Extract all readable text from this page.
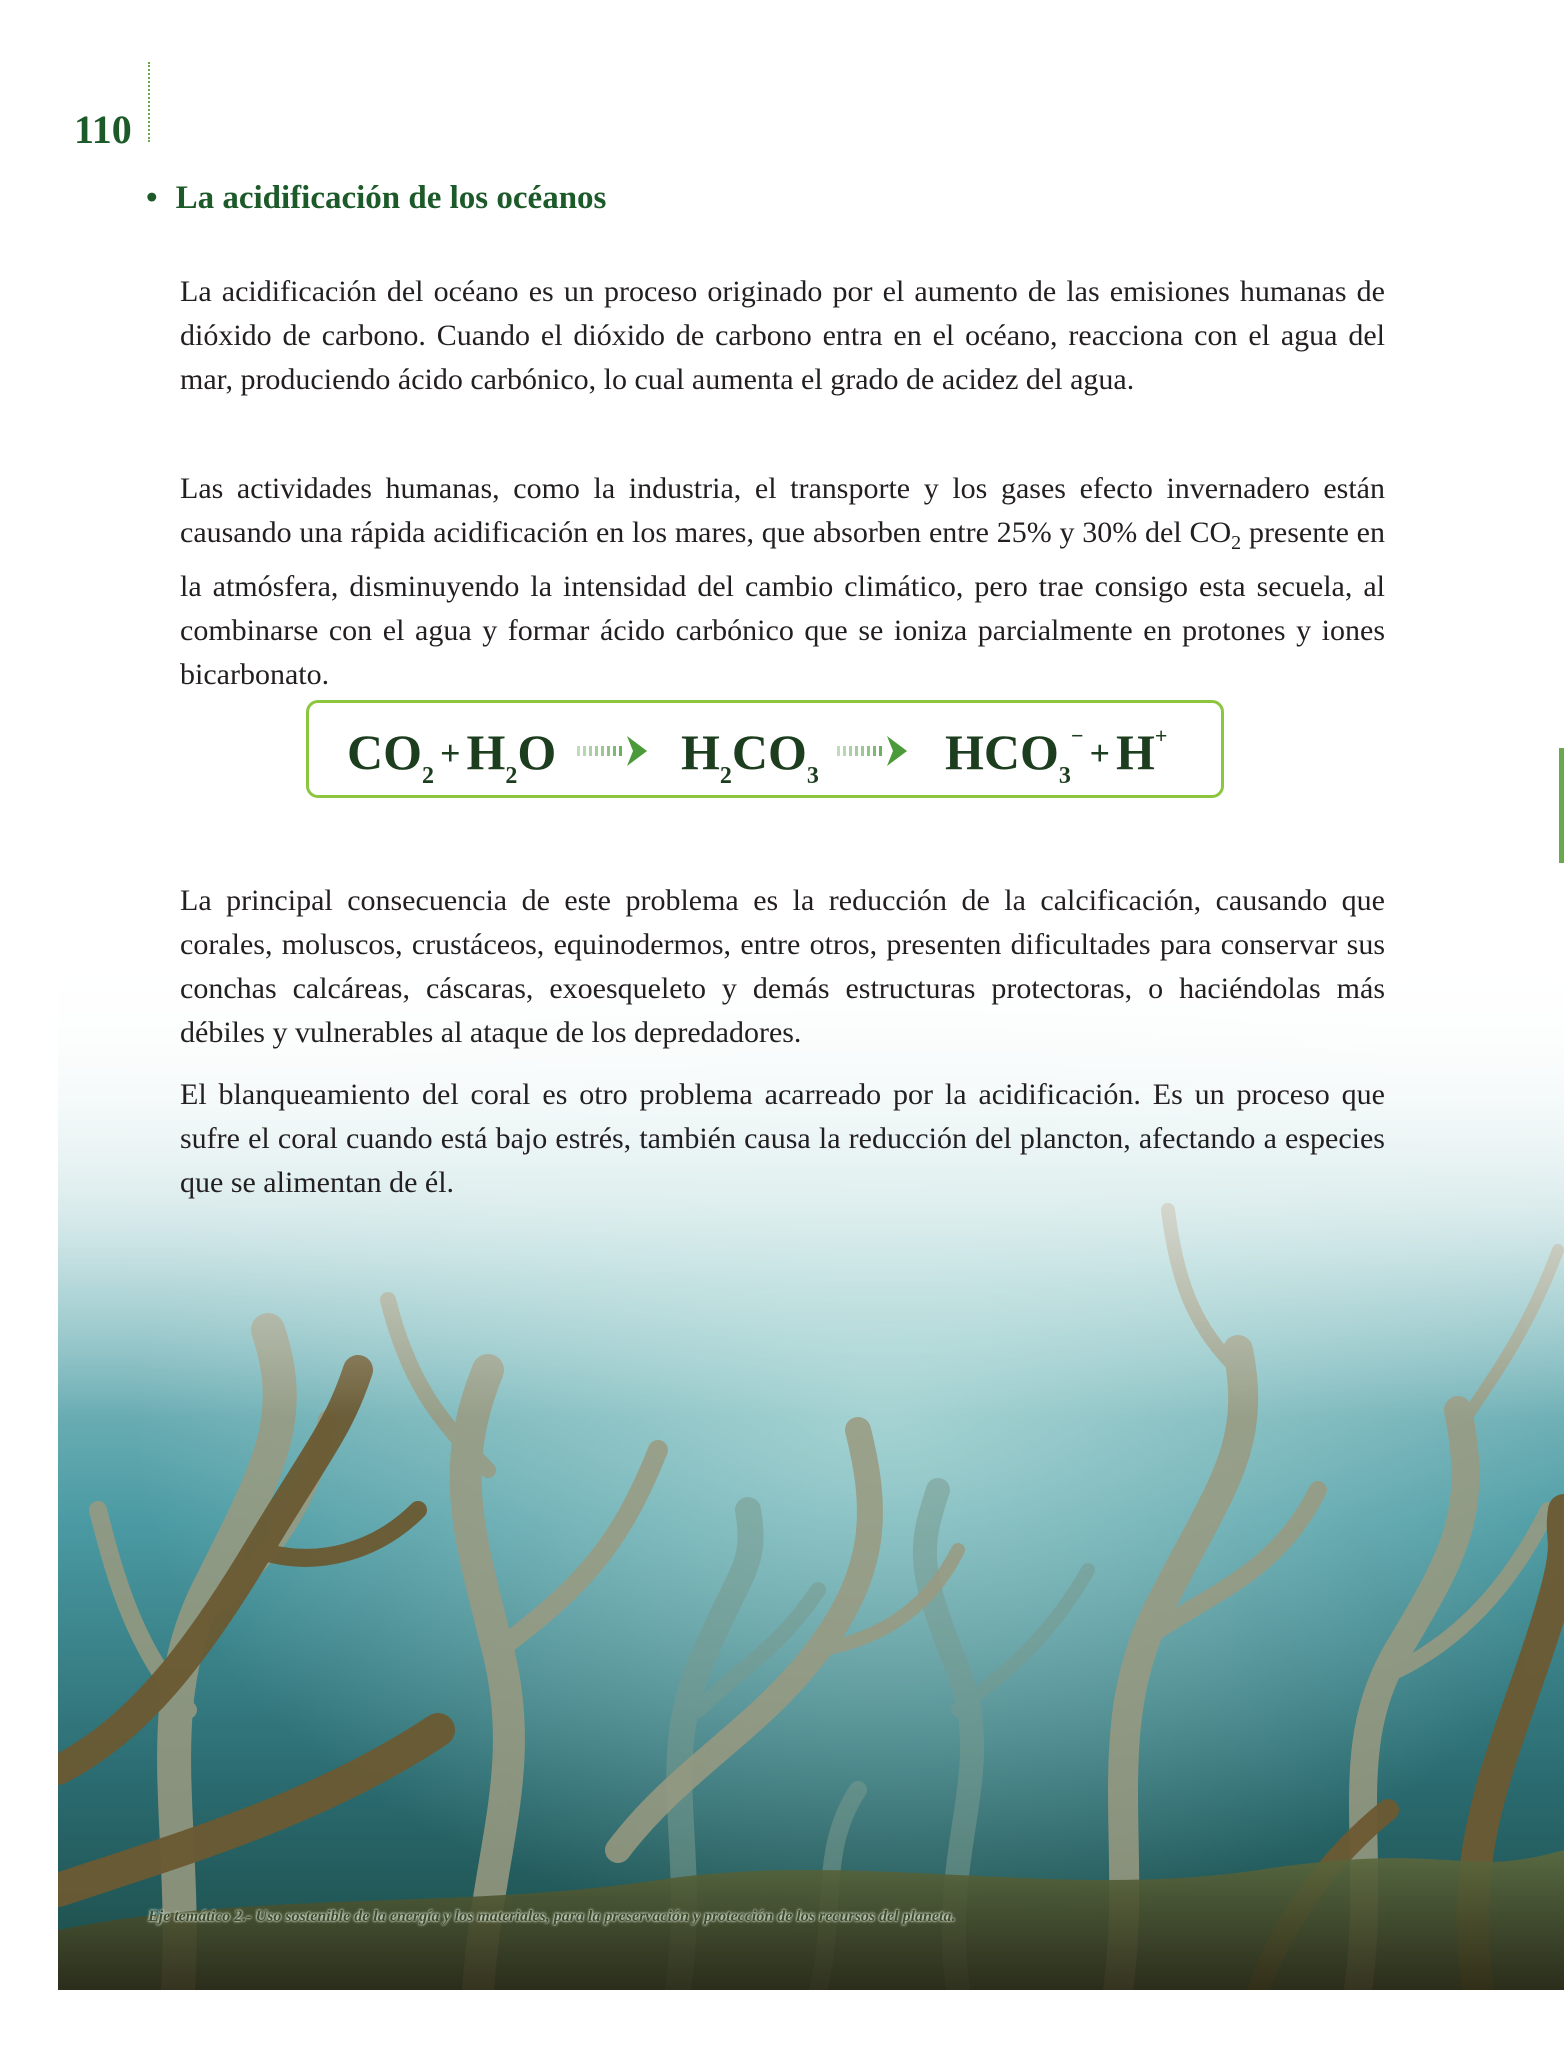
110
• La acidificación de los océanos

La acidificación del océano es un proceso originado por el aumento de las emisiones humanas de dióxido de carbono. Cuando el dióxido de carbono entra en el océano, reacciona con el agua del mar, produciendo ácido carbónico, lo cual aumenta el grado de acidez del agua.

Las actividades humanas, como la industria, el transporte y los gases efecto invernadero están causando una rápida acidificación en los mares, que absorben entre 25% y 30% del $CO_2$ presente en la atmósfera, disminuyendo la intensidad del cambio climático, pero trae consigo esta secuela, al combinarse con el agua y formar ácido carbónico que se ioniza parcialmente en protones y iones bicarbonato.

$CO_2+ H_2O$ $H_2CO_3$	$HCO_3^- + H^+$

La principal consecuencia de este problema es la reducción de la calcificación, causando que corales, moluscos, crustáceos, equinodermos, entre otros, presenten dificultades para conservar sus conchas calcáreas, cáscaras, exoesqueleto y demás estructuras protectoras, o haciéndolas más débiles y vulnerables al ataque de los depredadores.

El blanqueamiento del coral es otro problema acarreado por la acidificación. Es un proceso que sufre el coral cuando está bajo estrés, también causa la reducción del plancton, afectando a especies que se alimentan de él.

Eje temático 2.- Uso sostenible de la energía y los materiales, para la preservación y protección de los recursos del planeta.
